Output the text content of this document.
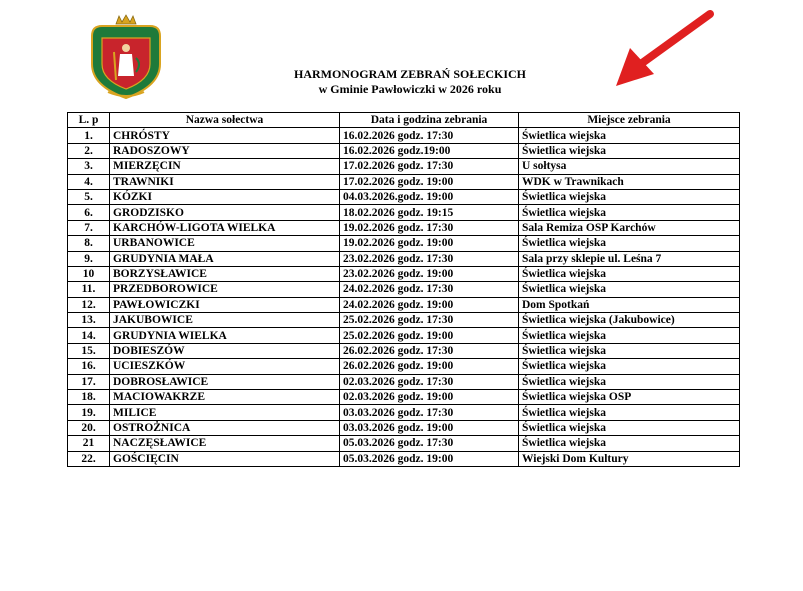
HARMONOGRAM ZEBRAŃ SOŁECKICH
w Gminie Pawłowiczki w 2026 roku
L. p	Nazwa sołectwa	Data i godzina zebrania	Miejsce zebrania
1.	CHRÓSTY	16.02.2026 godz. 17:30	Świetlica wiejska
2.	RADOSZOWY	16.02.2026 godz.19:00	Świetlica wiejska
3.	MIERZĘCIN	17.02.2026 godz. 17:30	U sołtysa
4.	TRAWNIKI	17.02.2026 godz. 19:00	WDK w Trawnikach
5.	KÓZKI	04.03.2026.godz. 19:00	Świetlica wiejska
6.	GRODZISKO	18.02.2026 godz. 19:15	Świetlica wiejska
7.	KARCHÓW-LIGOTA WIELKA	19.02.2026 godz. 17:30	Sala Remiza OSP Karchów
8.	URBANOWICE	19.02.2026 godz. 19:00	Świetlica wiejska
9.	GRUDYNIA MAŁA	23.02.2026 godz. 17:30	Sala przy sklepie ul. Leśna 7
10	BORZYSŁAWICE	23.02.2026 godz. 19:00	Świetlica wiejska
11.	PRZEDBOROWICE	24.02.2026 godz. 17:30	Świetlica wiejska
12.	PAWŁOWICZKI	24.02.2026 godz. 19:00	Dom Spotkań
13.	JAKUBOWICE	25.02.2026 godz. 17:30	Świetlica wiejska (Jakubowice)
14.	GRUDYNIA WIELKA	25.02.2026 godz. 19:00	Świetlica wiejska
15.	DOBIESZÓW	26.02.2026 godz. 17:30	Świetlica wiejska
16.	UCIESZKÓW	26.02.2026 godz. 19:00	Świetlica wiejska
17.	DOBROSŁAWICE	02.03.2026 godz. 17:30	Świetlica wiejska
18.	MACIOWAKRZE	02.03.2026 godz. 19:00	Świetlica wiejska OSP
19.	MILICE	03.03.2026 godz. 17:30	Świetlica wiejska
20.	OSTROŻNICA	03.03.2026 godz. 19:00	Świetlica wiejska
21	NACZĘSŁAWICE	05.03.2026 godz. 17:30	Świetlica wiejska
22.	GOŚCIĘCIN	05.03.2026 godz. 19:00	Wiejski Dom Kultury
